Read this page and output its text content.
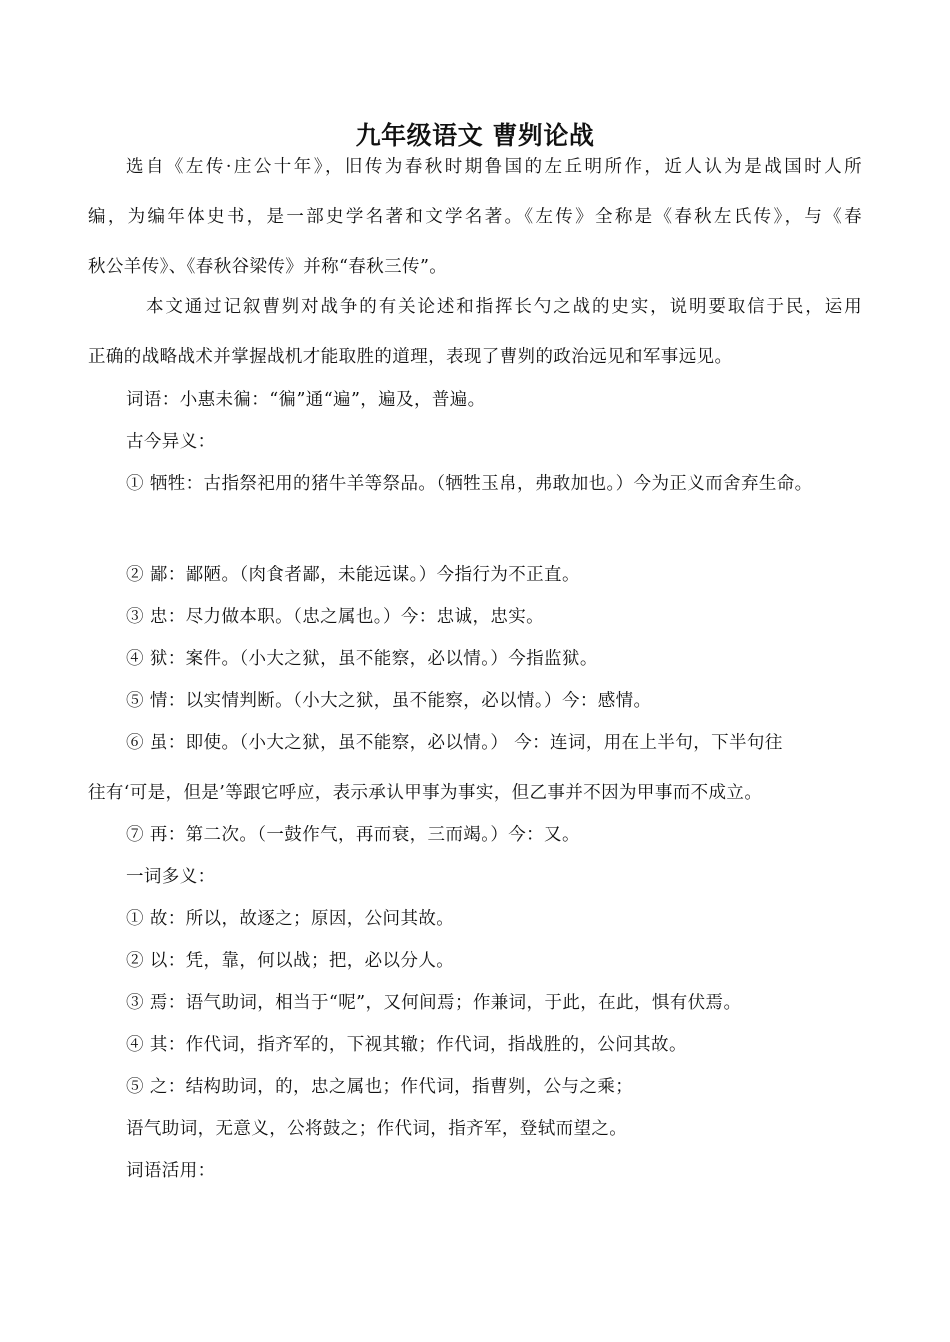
九年级语文 曹刿论战
选自《左传·庄公十年》，旧传为春秋时期鲁国的左丘明所作，近人认为是战国时人所
编，为编年体史书，是一部史学名著和文学名著。《左传》全称是《春秋左氏传》，与《春
秋公羊传》、《春秋谷梁传》并称“春秋三传”。
本文通过记叙曹刿对战争的有关论述和指挥长勺之战的史实，说明要取信于民，运用
正确的战略战术并掌握战机才能取胜的道理，表现了曹刿的政治远见和军事远见。
词语：小惠未徧：“徧”通“遍”，遍及，普遍。
古今异义：
① 牺牲：古指祭祀用的猪牛羊等祭品。（牺牲玉帛，弗敢加也。）今为正义而舍弃生命。
② 鄙：鄙陋。（肉食者鄙，未能远谋。）今指行为不正直。
③ 忠：尽力做本职。（忠之属也。）今：忠诚，忠实。
④ 狱：案件。（小大之狱，虽不能察，必以情。）今指监狱。
⑤ 情：以实情判断。（小大之狱，虽不能察，必以情。）今：感情。
⑥ 虽：即使。（小大之狱，虽不能察，必以情。） 今：连词，用在上半句，下半句往
往有‘可是，但是’等跟它呼应，表示承认甲事为事实，但乙事并不因为甲事而不成立。
⑦ 再：第二次。（一鼓作气，再而衰，三而竭。）今：又。
一词多义：
① 故：所以，故逐之；原因，公问其故。
② 以：凭，靠，何以战；把，必以分人。
③ 焉：语气助词，相当于“呢”，又何间焉；作兼词，于此，在此，惧有伏焉。
④ 其：作代词，指齐军的，下视其辙；作代词，指战胜的，公问其故。
⑤ 之：结构助词，的，忠之属也；作代词，指曹刿，公与之乘；
语气助词，无意义，公将鼓之；作代词，指齐军，登轼而望之。
词语活用：
